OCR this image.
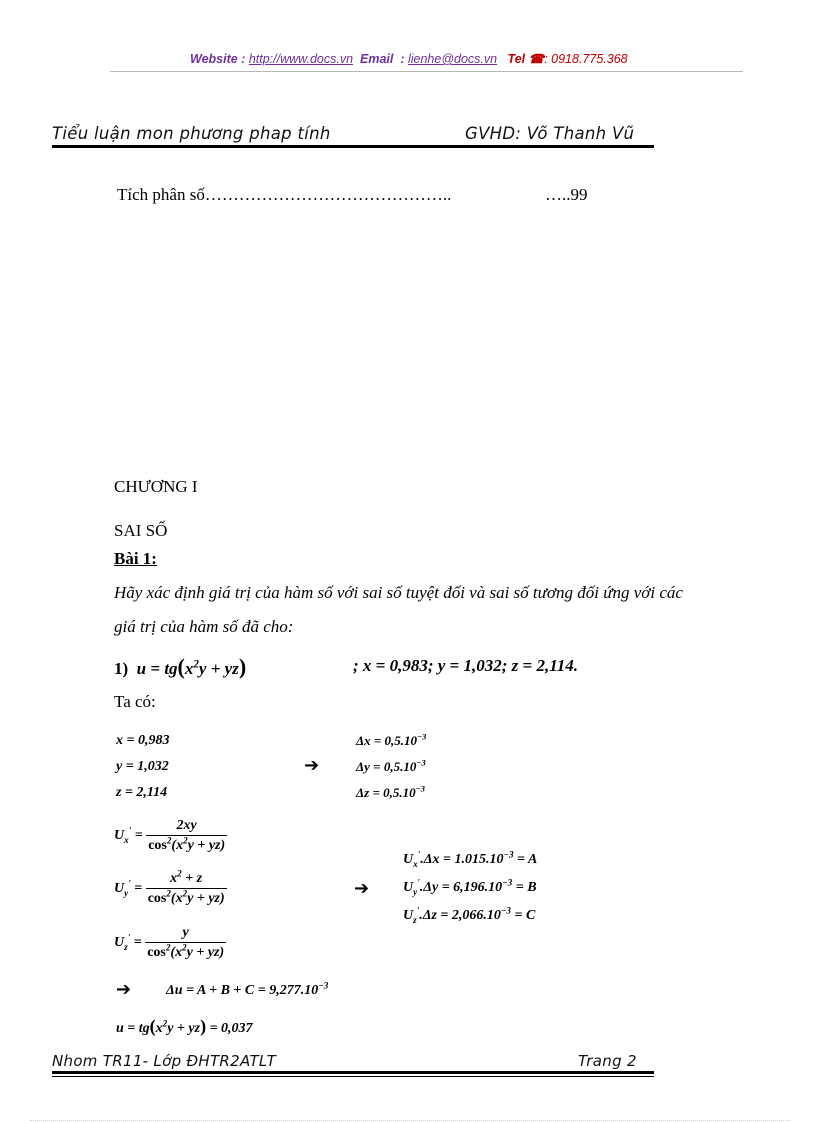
Website : http://www.docs.vn Email : lienhe@docs.vn Tel ☎: 0918.775.368
Tiểu luận mon phương phap tính	GVHD: Võ Thanh Vũ
Tích phân số……………………………………..	…..99
CHƯƠNG I
SAI SỐ
Bài 1:
Hãy xác định giá trị của hàm số với sai số tuyệt đối và sai số tương đối ứng với các
giá trị của hàm số đã cho:
1)  $u = tg(x^2y + yz)$	; x = 0,983; y = 1,032; z = 2,114.
Ta có:
x = 0,983
y = 1,032
z = 2,114
➔
$\Delta x = 0,5.10^{-3}$
$\Delta y = 0,5.10^{-3}$
$\Delta z = 0,5.10^{-3}$
$U_x' = \frac{2xy}{\cos^2(x^2y + yz)}$
$U_y' = \frac{x^2 + z}{\cos^2(x^2y + yz)}$
$U_z' = \frac{y}{\cos^2(x^2y + yz)}$
➔
$U_x'.\Delta x = 1.015.10^{-3} = A$
$U_y'.\Delta y = 6,196.10^{-3} = B$
$U_z'.\Delta z = 2,066.10^{-3} = C$
➔ $\Delta u = A + B + C = 9,277.10^{-3}$
$u = tg(x^2y + yz) = 0,037$
Nhom TR11- Lớp ĐHTR2ATLT	Trang 2
